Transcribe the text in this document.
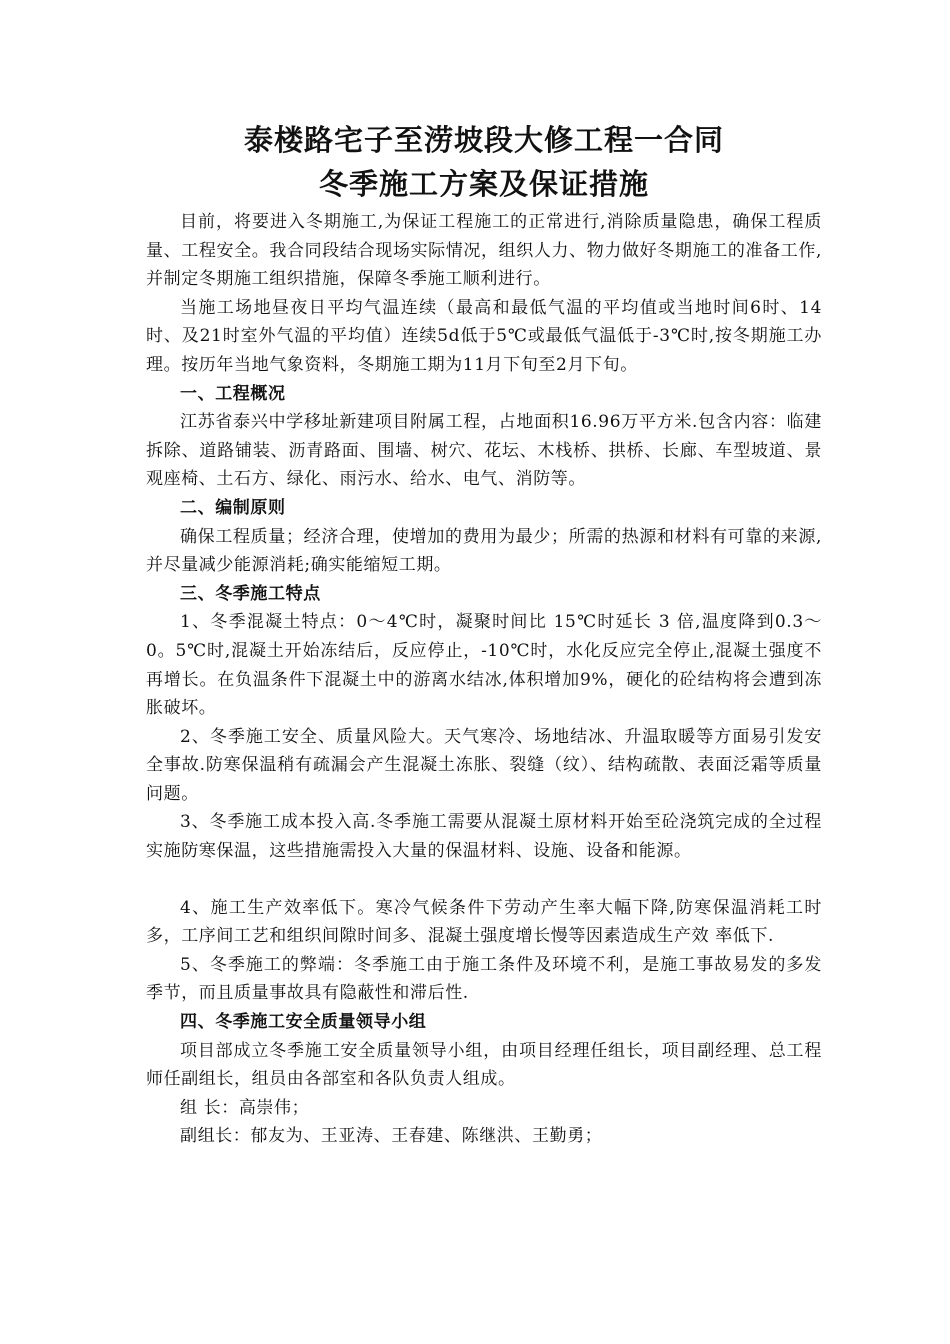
泰楼路宅子至涝坡段大修工程一合同
冬季施工方案及保证措施

目前，将要进入冬期施工,为保证工程施工的正常进行,消除质量隐患，确保工程质量、工程安全。我合同段结合现场实际情况，组织人力、物力做好冬期施工的准备工作,并制定冬期施工组织措施，保障冬季施工顺利进行。

当施工场地昼夜日平均气温连续（最高和最低气温的平均值或当地时间6时、14时、及21时室外气温的平均值）连续5d低于5℃或最低气温低于-3℃时,按冬期施工办理。按历年当地气象资料，冬期施工期为11月下旬至2月下旬。

一、工程概况

江苏省泰兴中学移址新建项目附属工程，占地面积16.96万平方米.包含内容：临建拆除、道路铺装、沥青路面、围墙、树穴、花坛、木栈桥、拱桥、长廊、车型坡道、景观座椅、土石方、绿化、雨污水、给水、电气、消防等。

二、编制原则

确保工程质量；经济合理，使增加的费用为最少；所需的热源和材料有可靠的来源,并尽量减少能源消耗;确实能缩短工期。

三、冬季施工特点

1、冬季混凝土特点：0～4℃时，凝聚时间比 15℃时延长 3 倍,温度降到0.3～ 0。5℃时,混凝土开始冻结后，反应停止，-10℃时，水化反应完全停止,混凝土强度不再增长。在负温条件下混凝土中的游离水结冰,体积增加9%，硬化的砼结构将会遭到冻胀破坏。

2、冬季施工安全、质量风险大。天气寒冷、场地结冰、升温取暖等方面易引发安全事故.防寒保温稍有疏漏会产生混凝土冻胀、裂缝（纹）、结构疏散、表面泛霜等质量问题。

3、冬季施工成本投入高.冬季施工需要从混凝土原材料开始至砼浇筑完成的全过程实施防寒保温，这些措施需投入大量的保温材料、设施、设备和能源。

4、施工生产效率低下。寒冷气候条件下劳动产生率大幅下降,防寒保温消耗工时多，工序间工艺和组织间隙时间多、混凝土强度增长慢等因素造成生产效 率低下.

5、冬季施工的弊端：冬季施工由于施工条件及环境不利，是施工事故易发的多发季节，而且质量事故具有隐蔽性和滞后性.

四、冬季施工安全质量领导小组

项目部成立冬季施工安全质量领导小组，由项目经理任组长，项目副经理、总工程师任副组长，组员由各部室和各队负责人组成。

组 长：高崇伟；

副组长：郁友为、王亚涛、王春建、陈继洪、王勤勇；
